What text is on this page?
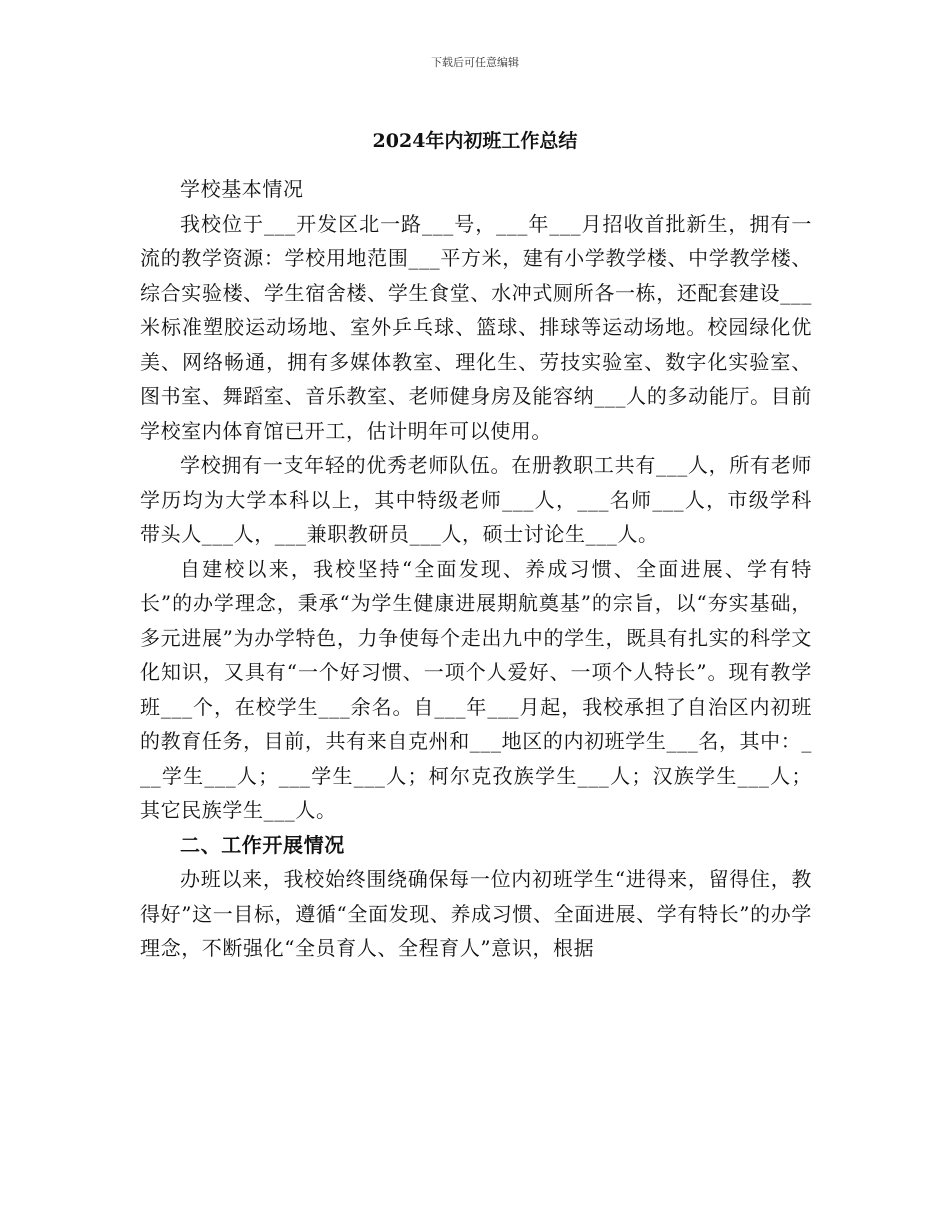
下载后可任意编辑
2024年内初班工作总结

学校基本情况

我校位于___开发区北一路___号，___年___月招收首批新生，拥有一流的教学资源：学校用地范围___平方米，建有小学教学楼、中学教学楼、综合实验楼、学生宿舍楼、学生食堂、水冲式厕所各一栋，还配套建设___米标准塑胶运动场地、室外乒乓球、篮球、排球等运动场地。校园绿化优美、网络畅通，拥有多媒体教室、理化生、劳技实验室、数字化实验室、图书室、舞蹈室、音乐教室、老师健身房及能容纳___人的多动能厅。目前学校室内体育馆已开工，估计明年可以使用。

学校拥有一支年轻的优秀老师队伍。在册教职工共有___人，所有老师学历均为大学本科以上，其中特级老师___人，___名师___人，市级学科带头人___人，___兼职教研员___人，硕士讨论生___人。

自建校以来，我校坚持“全面发现、养成习惯、全面进展、学有特长”的办学理念，秉承“为学生健康进展期航奠基”的宗旨，以“夯实基础，多元进展”为办学特色，力争使每个走出九中的学生，既具有扎实的科学文化知识，又具有“一个好习惯、一项个人爱好、一项个人特长”。现有教学班___个，在校学生___余名。自___年___月起，我校承担了自治区内初班的教育任务，目前，共有来自克州和___地区的内初班学生___名，其中：___学生___人；___学生___人；柯尔克孜族学生___人；汉族学生___人；其它民族学生___人。

二、工作开展情况

办班以来，我校始终围绕确保每一位内初班学生“进得来，留得住，教得好”这一目标，遵循“全面发现、养成习惯、全面进展、学有特长”的办学理念，不断强化“全员育人、全程育人”意识，根据
